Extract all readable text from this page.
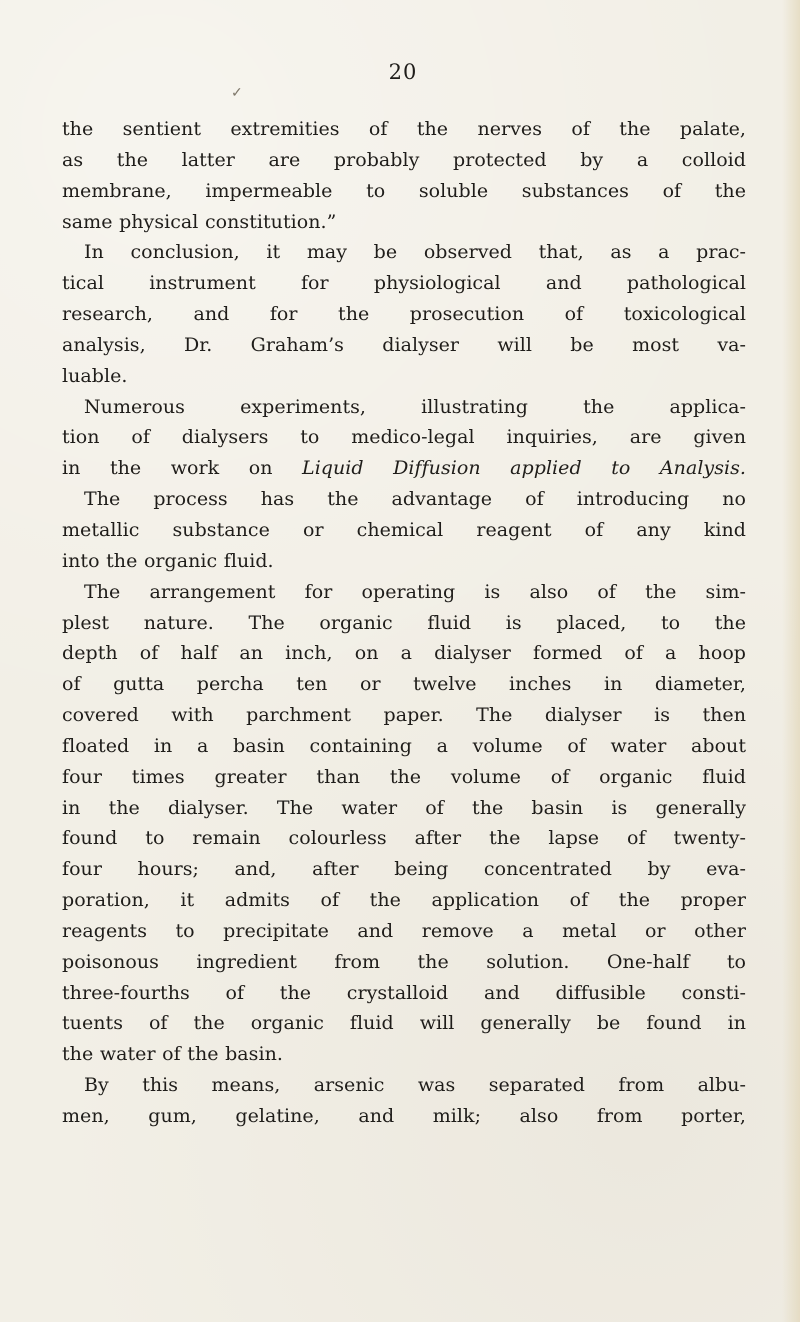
20
✓
the sentient extremities of the nerves of the palate,
as the latter are probably protected by a colloid
membrane, impermeable to soluble substances of the
same physical constitution.”
In conclusion, it may be observed that, as a prac-
tical instrument for physiological and pathological
research, and for the prosecution of toxicological
analysis, Dr. Graham’s dialyser will be most va-
luable.
Numerous experiments, illustrating the applica-
tion of dialysers to medico-legal inquiries, are given
in the work on Liquid Diffusion applied to Analysis.
The process has the advantage of introducing no
metallic substance or chemical reagent of any kind
into the organic fluid.
The arrangement for operating is also of the sim-
plest nature. The organic fluid is placed, to the
depth of half an inch, on a dialyser formed of a hoop
of gutta percha ten or twelve inches in diameter,
covered with parchment paper. The dialyser is then
floated in a basin containing a volume of water about
four times greater than the volume of organic fluid
in the dialyser. The water of the basin is generally
found to remain colourless after the lapse of twenty-
four hours; and, after being concentrated by eva-
poration, it admits of the application of the proper
reagents to precipitate and remove a metal or other
poisonous ingredient from the solution. One-half to
three-fourths of the crystalloid and diffusible consti-
tuents of the organic fluid will generally be found in
the water of the basin.
By this means, arsenic was separated from albu-
men, gum, gelatine, and milk; also from porter,
